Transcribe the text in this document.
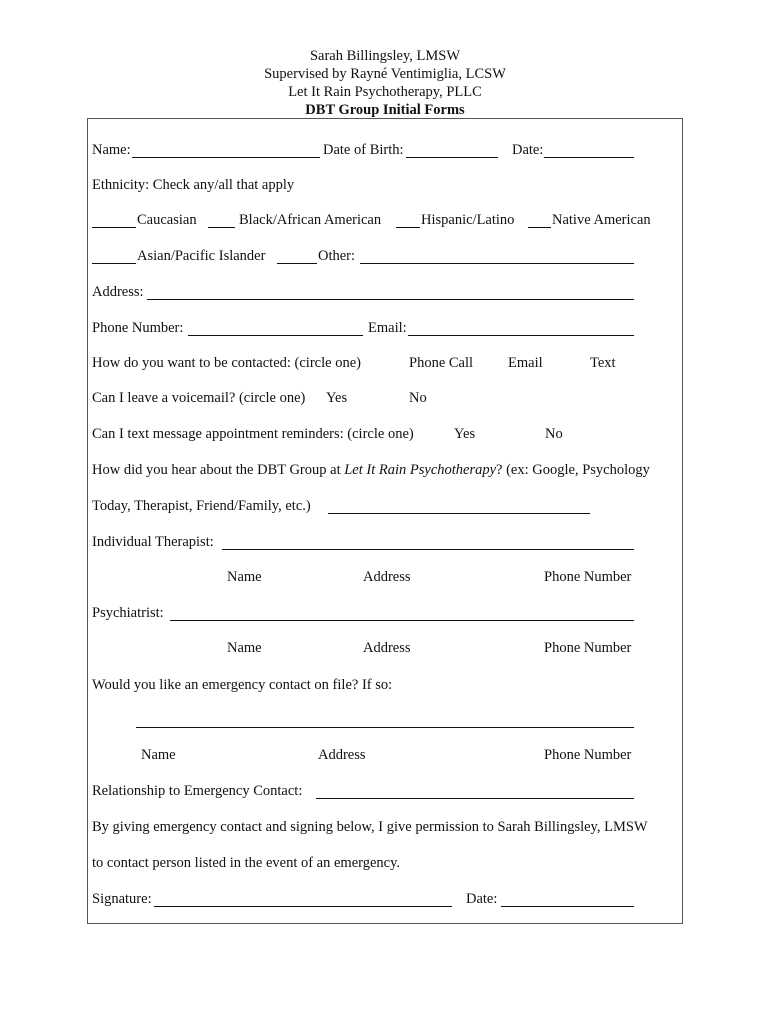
Sarah Billingsley, LMSW
Supervised by Rayné Ventimiglia, LCSW
Let It Rain Psychotherapy, PLLC
DBT Group Initial Forms
Name:	Date of Birth:	Date:
Ethnicity: Check any/all that apply
Caucasian	Black/African American	Hispanic/Latino	Native American
Asian/Pacific Islander	Other:
Address:
Phone Number:	Email:
How do you want to be contacted: (circle one)	Phone Call Email	Text
Can I leave a voicemail? (circle one) Yes	No
Can I text message appointment reminders: (circle one)	Yes	No
How did you hear about the DBT Group at Let It Rain Psychotherapy? (ex: Google, Psychology
Today, Therapist, Friend/Family, etc.)
Individual Therapist:
Name	Address	Phone Number
Psychiatrist:
Name	Address	Phone Number
Would you like an emergency contact on file? If so:
Name	Address	Phone Number
Relationship to Emergency Contact:
By giving emergency contact and signing below, I give permission to Sarah Billingsley, LMSW
to contact person listed in the event of an emergency.
Signature:	Date:
